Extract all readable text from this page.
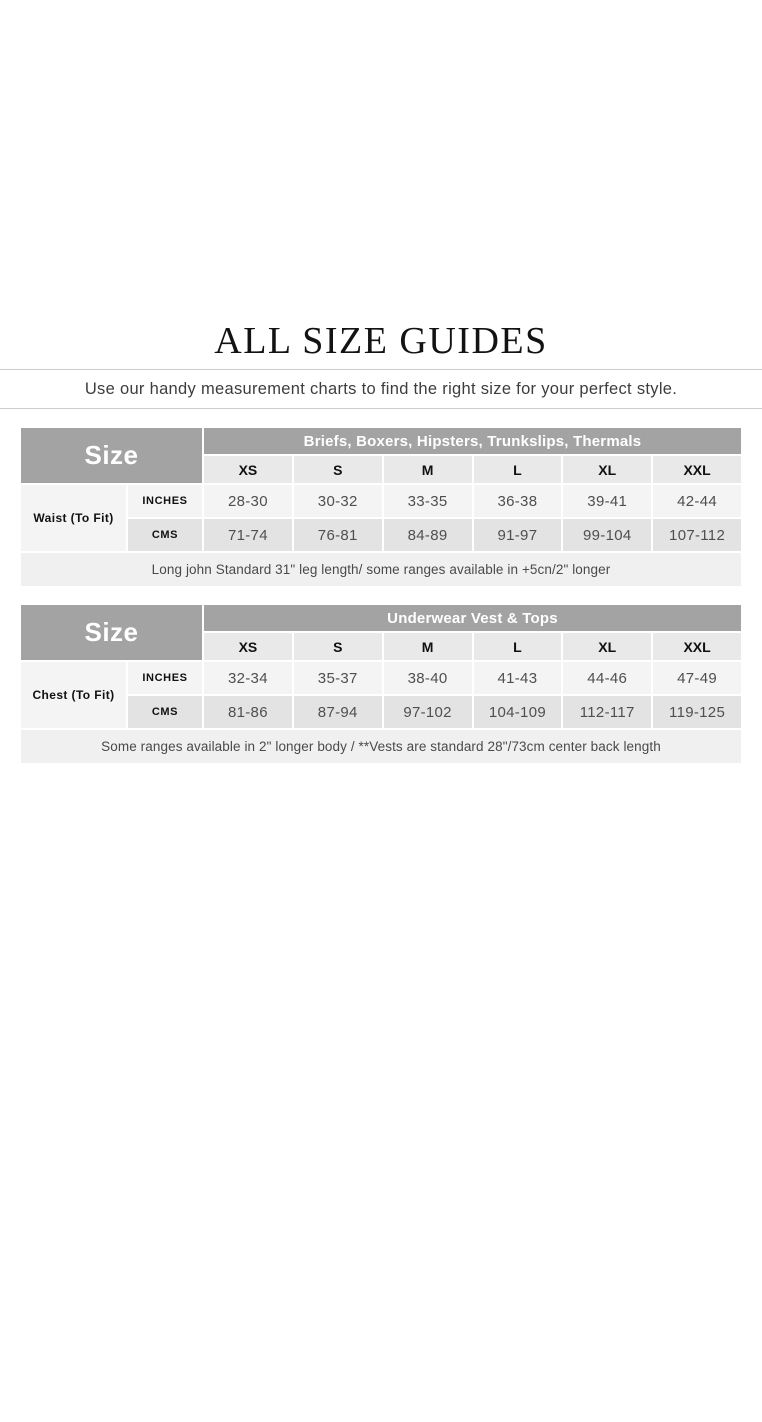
ALL SIZE GUIDES

Use our handy measurement charts to find the right size for your perfect style.

Size	Briefs, Boxers, Hipsters, Trunkslips, Thermals
XS	S	M	L	XL	XXL
Waist (To Fit)
INCHES	28-30	30-32	33-35	36-38	39-41	42-44
CMS	71-74	76-81	84-89	91-97	99-104	107-112
Long john Standard 31" leg length/ some ranges available in +5cn/2" longer
Size	Underwear Vest & Tops
XS	S	M	L	XL	XXL
Chest (To Fit)
INCHES	32-34	35-37	38-40	41-43	44-46	47-49
CMS	81-86	87-94	97-102	104-109	112-117	119-125
Some ranges available in 2" longer body / **Vests are standard 28"/73cm center back length
